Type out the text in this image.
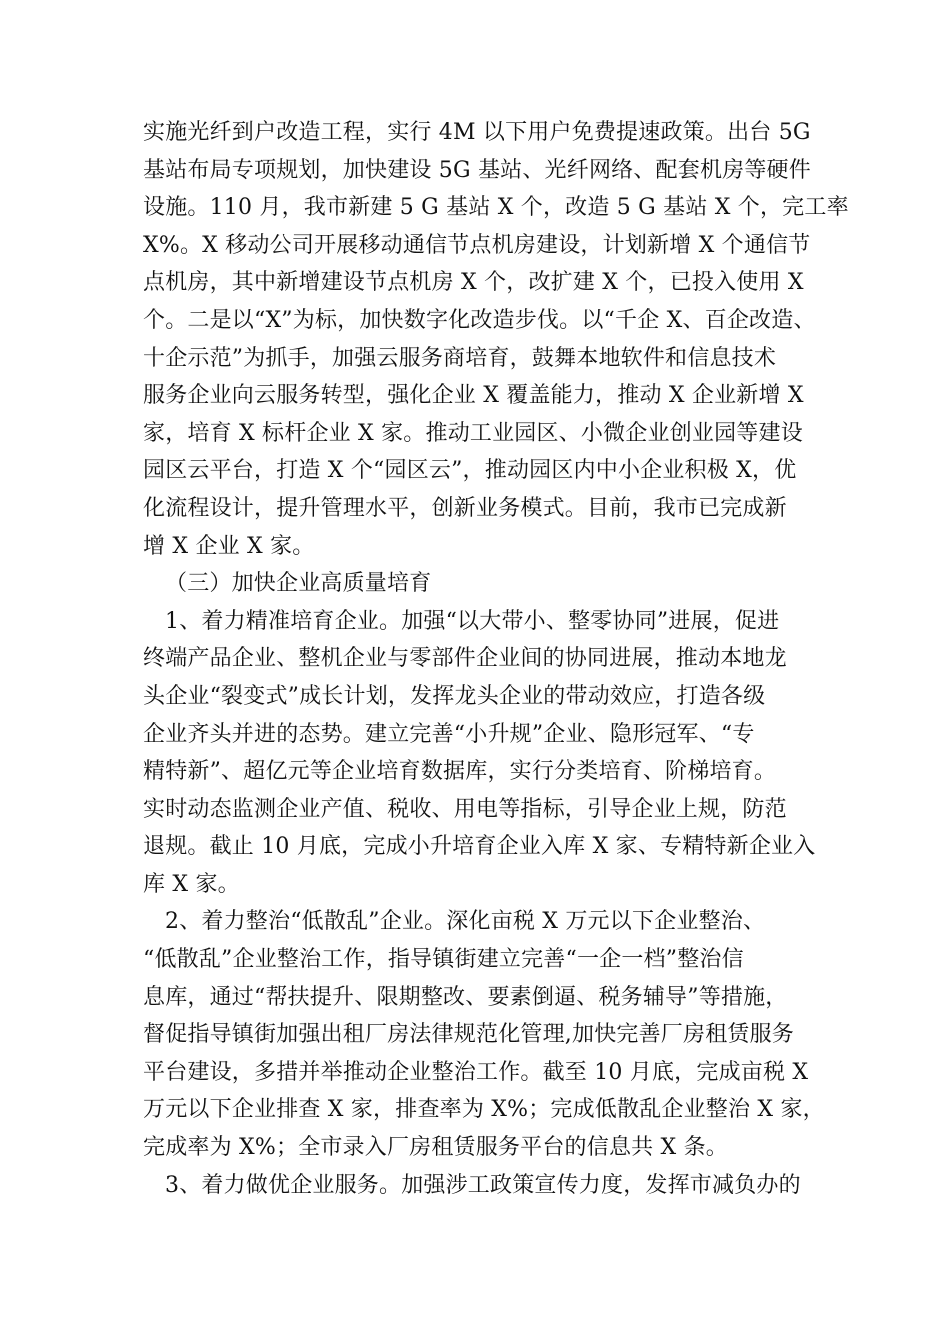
实施光纤到户改造工程，实行 4M 以下用户免费提速政策。出台 5G
基站布局专项规划，加快建设 5G 基站、光纤网络、配套机房等硬件
设施。110 月，我市新建 5 G 基站 X 个，改造 5 G 基站 X 个，完工率
X%。X 移动公司开展移动通信节点机房建设，计划新增 X 个通信节
点机房，其中新增建设节点机房 X 个，改扩建 X 个，已投入使用 X
个。二是以“X”为标，加快数字化改造步伐。以“千企 X、百企改造、
十企示范”为抓手，加强云服务商培育，鼓舞本地软件和信息技术
服务企业向云服务转型，强化企业 X 覆盖能力，推动 X 企业新增 X
家，培育 X 标杆企业 X 家。推动工业园区、小微企业创业园等建设
园区云平台，打造 X 个“园区云”，推动园区内中小企业积极 X，优
化流程设计，提升管理水平，创新业务模式。目前，我市已完成新
增 X 企业 X 家。
（三）加快企业高质量培育
1、着力精准培育企业。加强“以大带小、整零协同”进展，促进
终端产品企业、整机企业与零部件企业间的协同进展，推动本地龙
头企业“裂变式”成长计划，发挥龙头企业的带动效应，打造各级
企业齐头并进的态势。建立完善“小升规”企业、隐形冠军、“专
精特新”、超亿元等企业培育数据库，实行分类培育、阶梯培育。
实时动态监测企业产值、税收、用电等指标，引导企业上规，防范
退规。截止 10 月底，完成小升培育企业入库 X 家、专精特新企业入
库 X 家。
2、着力整治“低散乱”企业。深化亩税 X 万元以下企业整治、
“低散乱”企业整治工作，指导镇街建立完善“一企一档”整治信
息库，通过“帮扶提升、限期整改、要素倒逼、税务辅导”等措施，
督促指导镇街加强出租厂房法律规范化管理,加快完善厂房租赁服务
平台建设，多措并举推动企业整治工作。截至 10 月底，完成亩税 X
万元以下企业排查 X 家，排查率为 X%；完成低散乱企业整治 X 家，
完成率为 X%；全市录入厂房租赁服务平台的信息共 X 条。
3、着力做优企业服务。加强涉工政策宣传力度，发挥市减负办的
